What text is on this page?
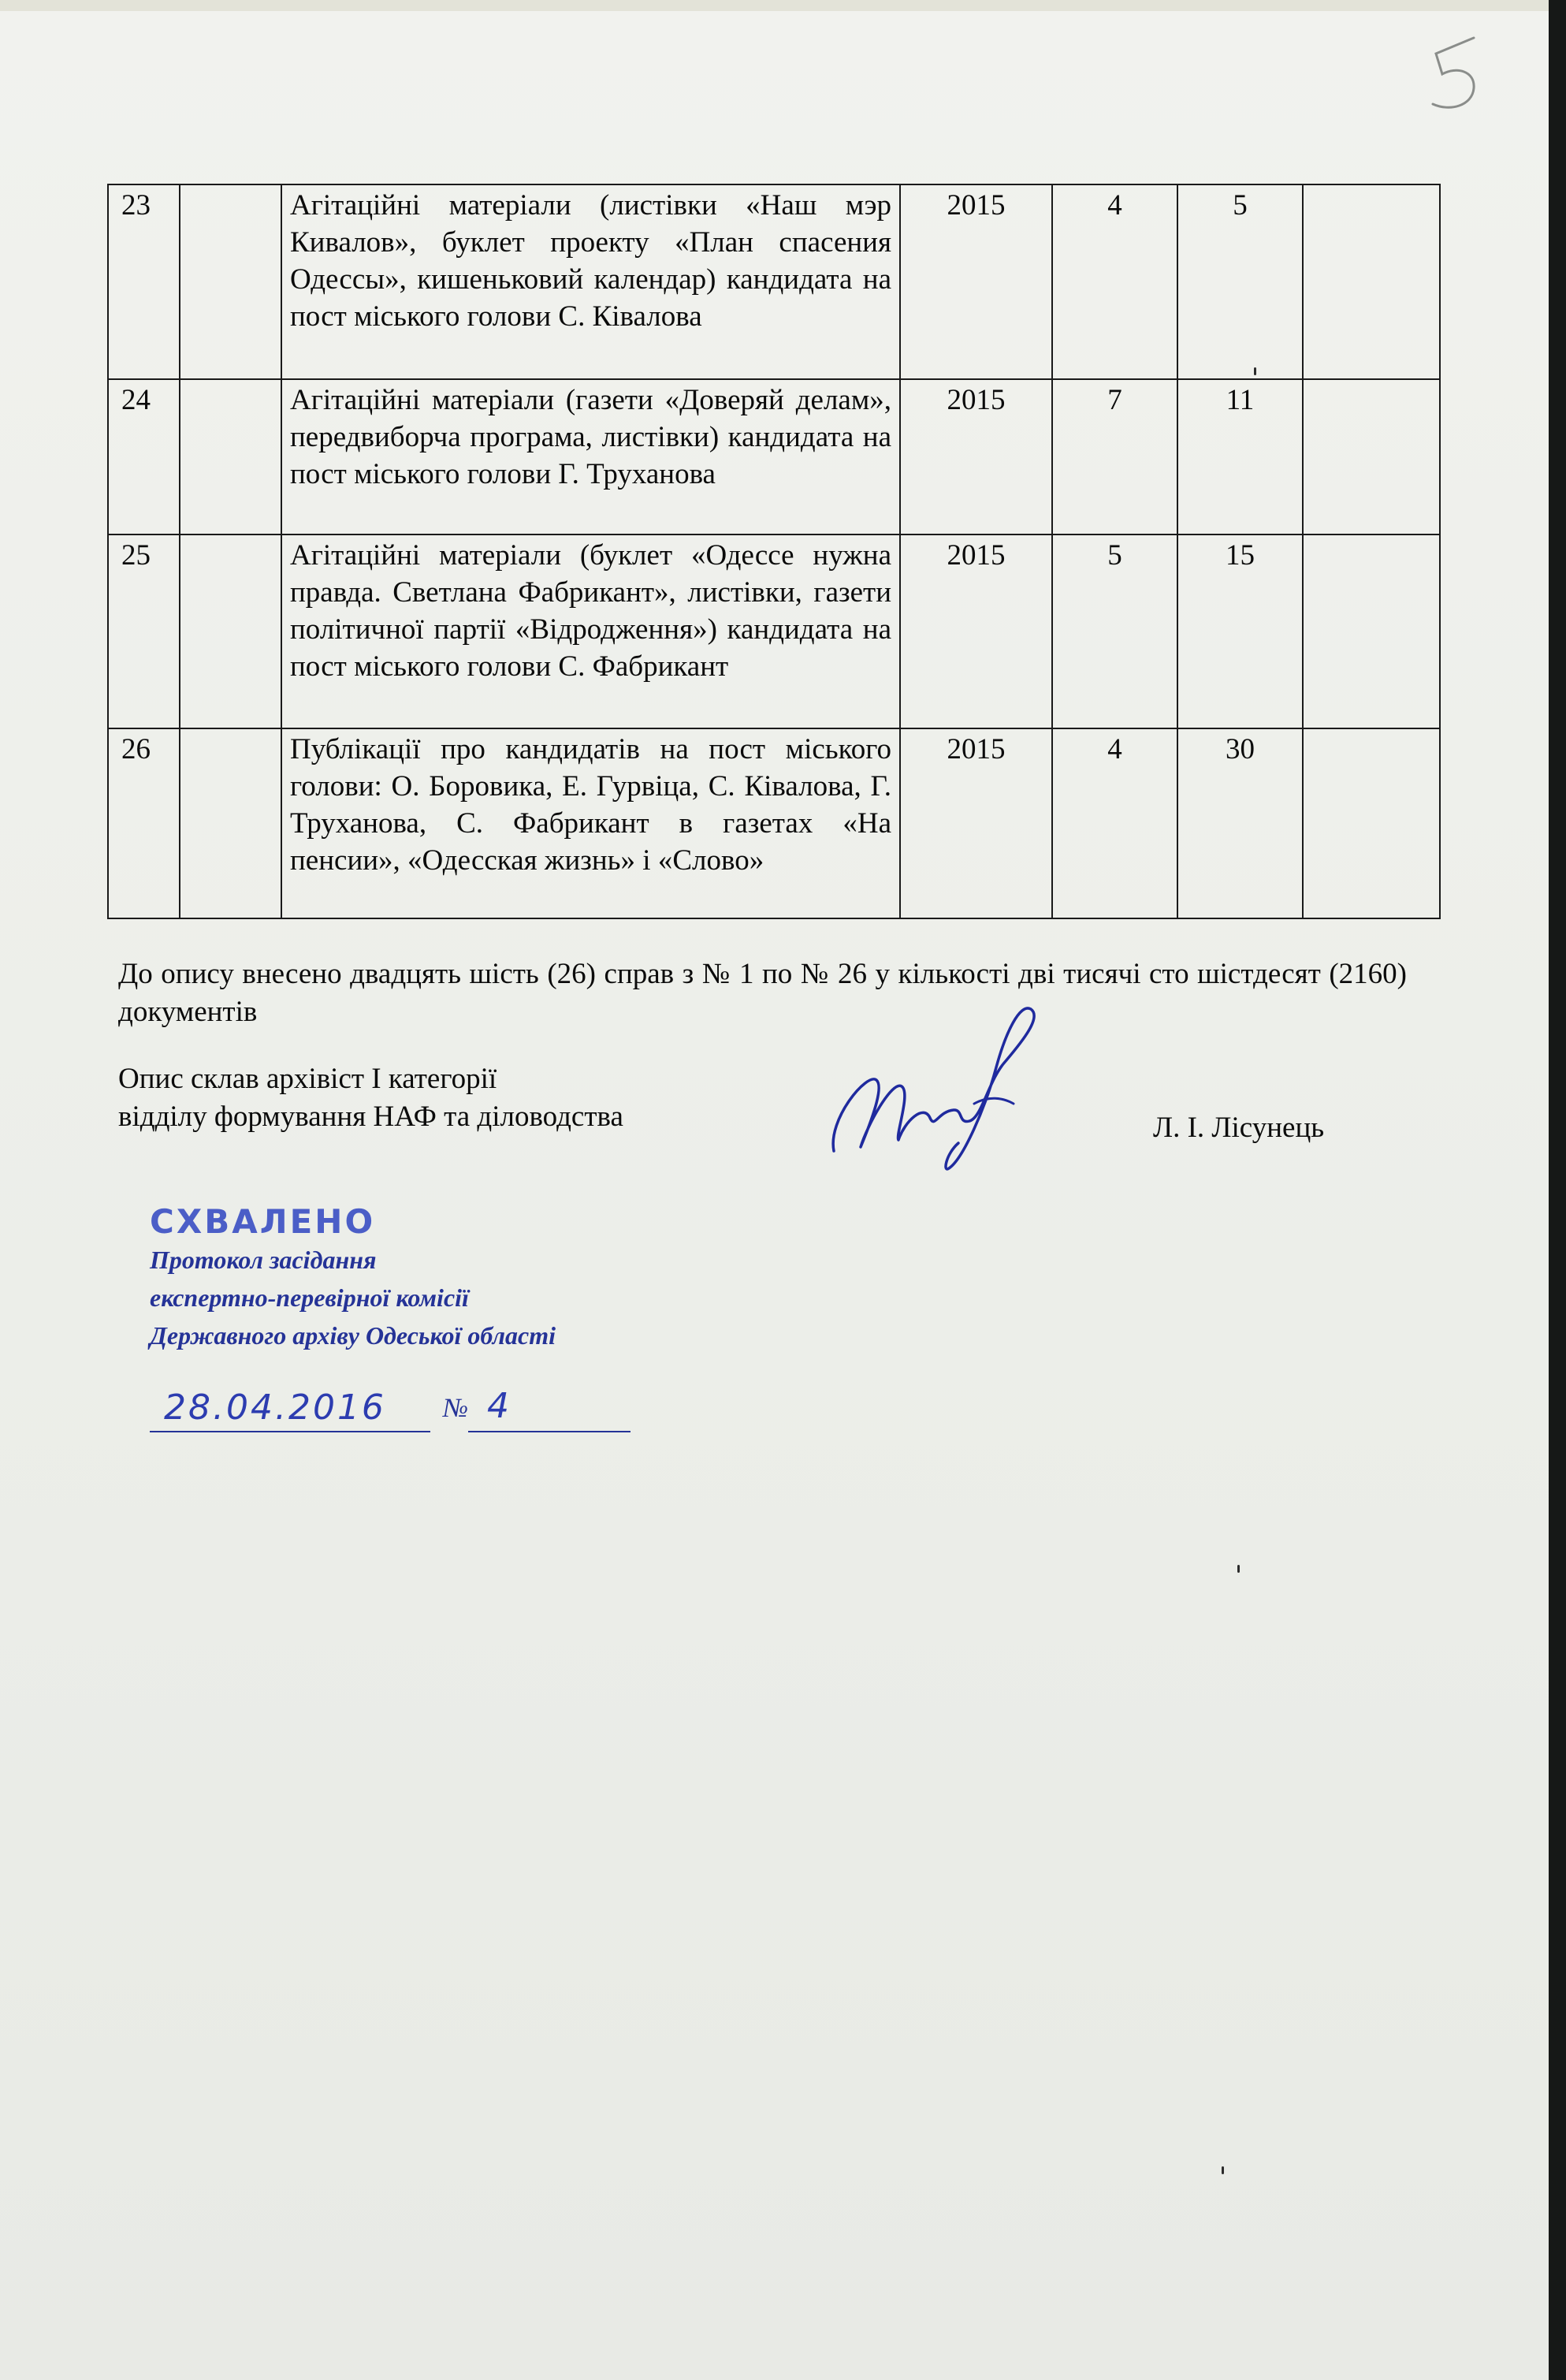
23		Агітаційні матеріали (листівки «Наш мэр Кивалов», буклет проекту «План спасения Одессы», кишеньковий календар) кандидата на пост міського голови С. Ківалова	2015	4	5	
24		Агітаційні матеріали (газети «Доверяй делам», передвиборча програма, листівки) кандидата на пост міського голови Г. Труханова	2015	7	11	
25		Агітаційні матеріали (буклет «Одессе нужна правда. Светлана Фабрикант», листівки, газети політичної партії «Відродження») кандидата на пост міського голови С. Фабрикант	2015	5	15	
26		Публікації про кандидатів на пост міського голови: О. Боровика, Е. Гурвіца, С. Ківалова, Г. Труханова, С. Фабрикант в газетах «На пенсии», «Одесская жизнь» і «Слово»	2015	4	30	

До опису внесено двадцять шість (26) справ з № 1 по № 26 у кількості дві тисячі сто шістдесят (2160) документів

Опис склав архівіст І категорії
відділу формування НАФ та діловодства	Л. І. Лісунець
СХВАЛЕНО
Протокол засідання
експертно-перевірної комісії
Державного архіву Одеської області
28.04.2016 № 4
